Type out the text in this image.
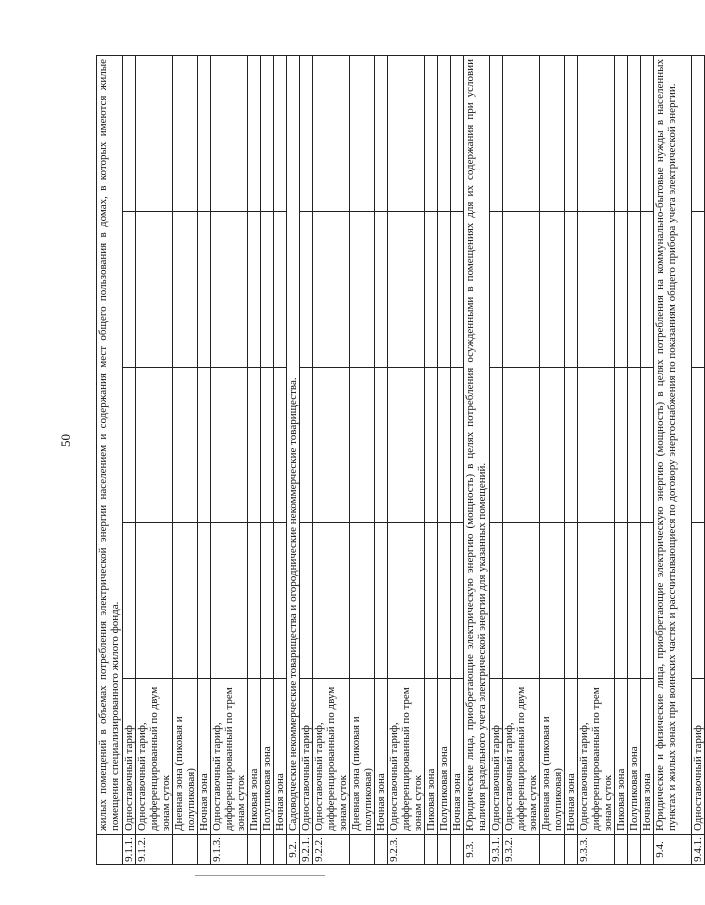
50
	жилых помещений в объемах потребления электрической энергии населением и содержания мест общего пользования в домах, в которых имеются жилые помещения специализированного жилого фонда.				
9.1.1.	Одноставочный тариф				
9.1.2.	Одноставочный тариф, дифференцированный по двум зонам суток				
	Дневная зона (пиковая и полупиковая)				
	Ночная зона				
9.1.3.	Одноставочный тариф, дифференцированный по трем зонам суток				
	Пиковая зона				
	Полупиковая зона				
	Ночная зона				
9.2.	Садоводческие некоммерческие товарищества и огороднические некоммерческие товарищества.				
9.2.1.	Одноставочный тариф				
9.2.2.	Одноставочный тариф, дифференцированный по двум зонам суток				
	Дневная зона (пиковая и полупиковая)				
	Ночная зона				
9.2.3.	Одноставочный тариф, дифференцированный по трем зонам суток				
	Пиковая зона				
	Полупиковая зона				
	Ночная зона				
9.3.	Юридические лица, приобретающие электрическую энергию (мощность) в целях потребления осужденными в помещениях для их содержания при условии наличия раздельного учета электрической энергии для указанных помещений.				
9.3.1.	Одноставочный тариф				
9.3.2.	Одноставочный тариф, дифференцированный по двум зонам суток				
	Дневная зона (пиковая и полупиковая)				
	Ночная зона				
9.3.3.	Одноставочный тариф, дифференцированный по трем зонам суток				
	Пиковая зона				
	Полупиковая зона				
	Ночная зона				
9.4.	Юридические и физические лица, приобретающие электрическую энергию (мощность) в целях потребления на коммунально-бытовые нужды в населенных пунктах и жилых зонах при воинских частях и рассчитывающиеся по договору энергоснабжения по показаниям общего прибора учета электрической энергии.				
9.4.1.	Одноставочный тариф				
